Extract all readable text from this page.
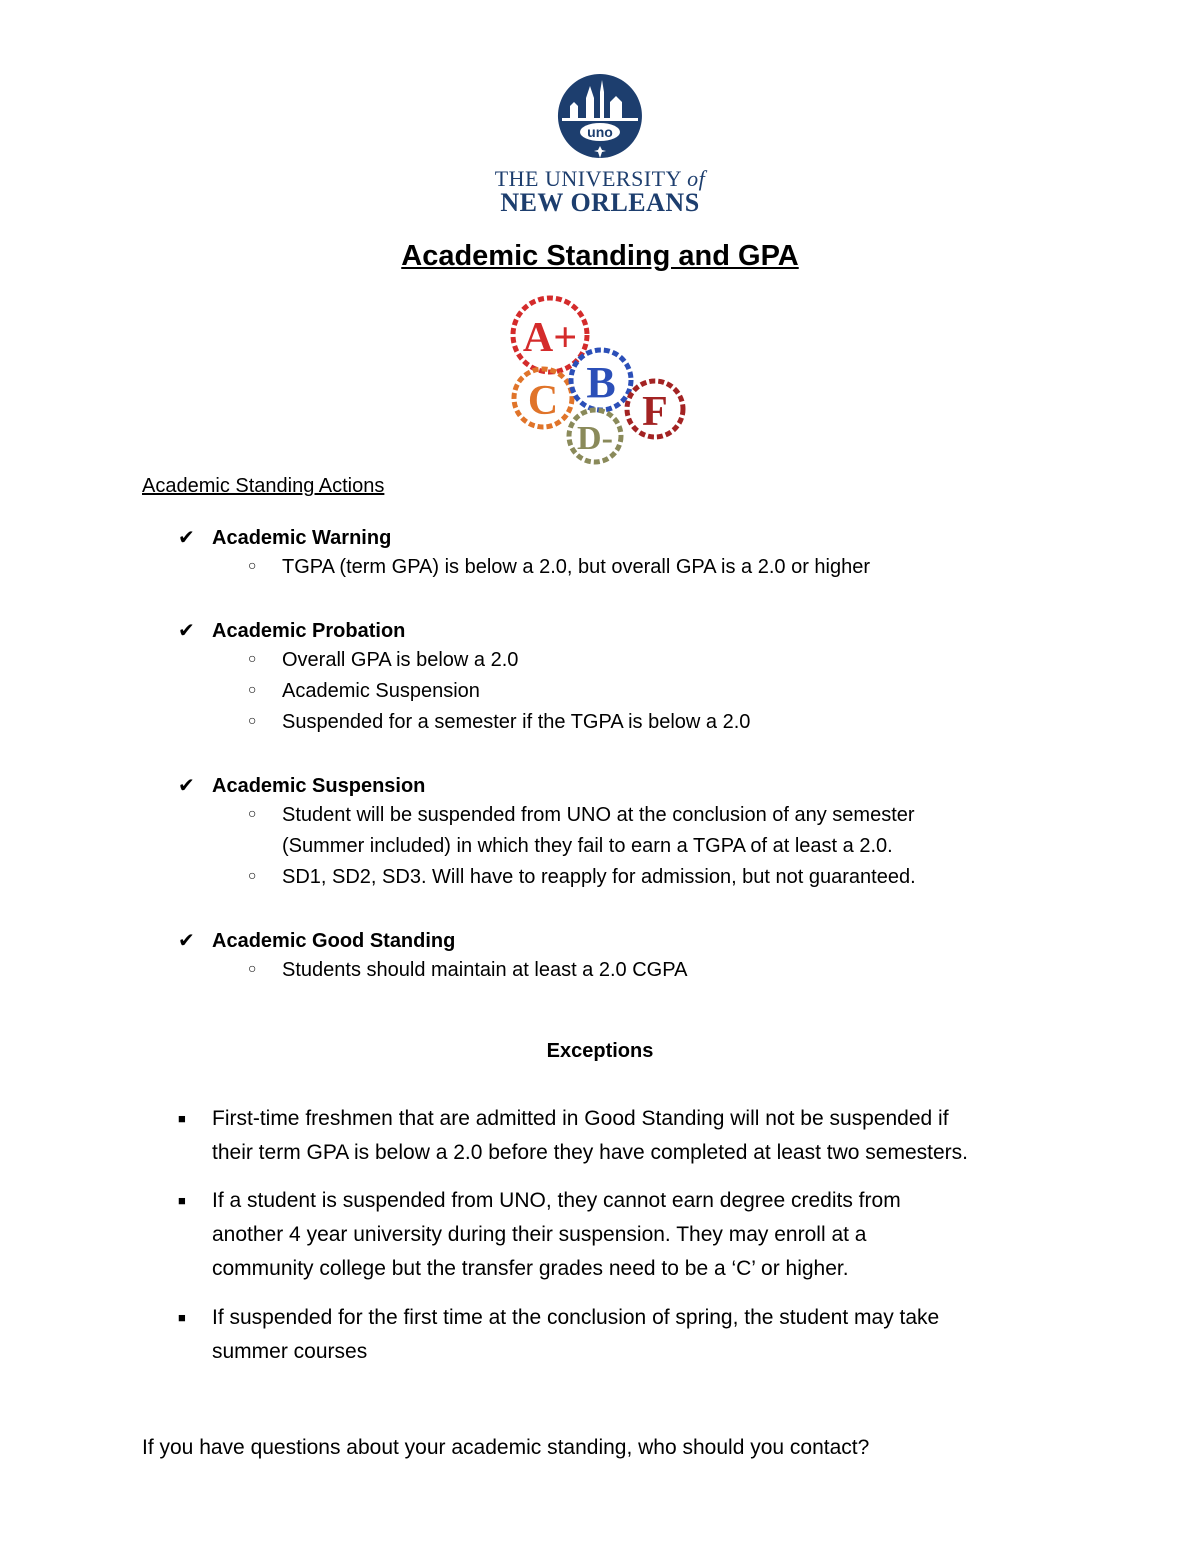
uno
THE UNIVERSITY of
NEW ORLEANS
Academic Standing and GPA
A+
C B
D-
F
Academic Standing Actions
✔ Academic Warning
○ TGPA (term GPA) is below a 2.0, but overall GPA is a 2.0 or higher
✔ Academic Probation
○ Overall GPA is below a 2.0
○ Academic Suspension
○ Suspended for a semester if the TGPA is below a 2.0
✔ Academic Suspension
○ Student will be suspended from UNO at the conclusion of any semester
(Summer included) in which they fail to earn a TGPA of at least a 2.0.
○ SD1, SD2, SD3. Will have to reapply for admission, but not guaranteed.
✔ Academic Good Standing
○ Students should maintain at least a 2.0 CGPA
Exceptions
■	First-time freshmen that are admitted in Good Standing will not be suspended if
their term GPA is below a 2.0 before they have completed at least two semesters.
■	If a student is suspended from UNO, they cannot earn degree credits from
another 4 year university during their suspension. They may enroll at a
community college but the transfer grades need to be a ‘C’ or higher.
■	If suspended for the first time at the conclusion of spring, the student may take
summer courses
If you have questions about your academic standing, who should you contact?
